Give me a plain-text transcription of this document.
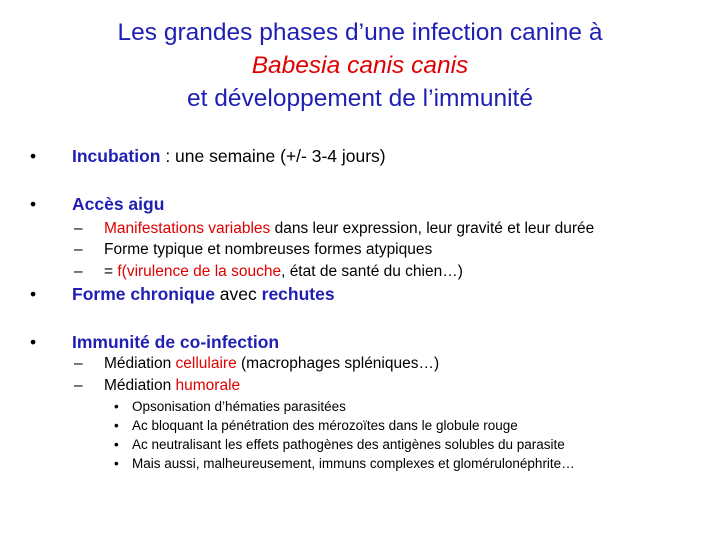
Les grandes phases d’une infection canine à
Babesia canis canis
et développement de l’immunité
• Incubation : une semaine (+/- 3-4 jours)
• Accès aigu
– Manifestations variables dans leur expression, leur gravité et leur durée
– Forme typique et nombreuses formes atypiques
– = f(virulence de la souche, état de santé du chien…)
• Forme chronique avec rechutes
• Immunité de co-infection
– Médiation cellulaire (macrophages spléniques…)
– Médiation humorale
• Opsonisation d’hématies parasitées
• Ac bloquant la pénétration des mérozoïtes dans le globule rouge
• Ac neutralisant les effets pathogènes des antigènes solubles du parasite
• Mais aussi, malheureusement, immuns complexes et glomérulonéphrite…
